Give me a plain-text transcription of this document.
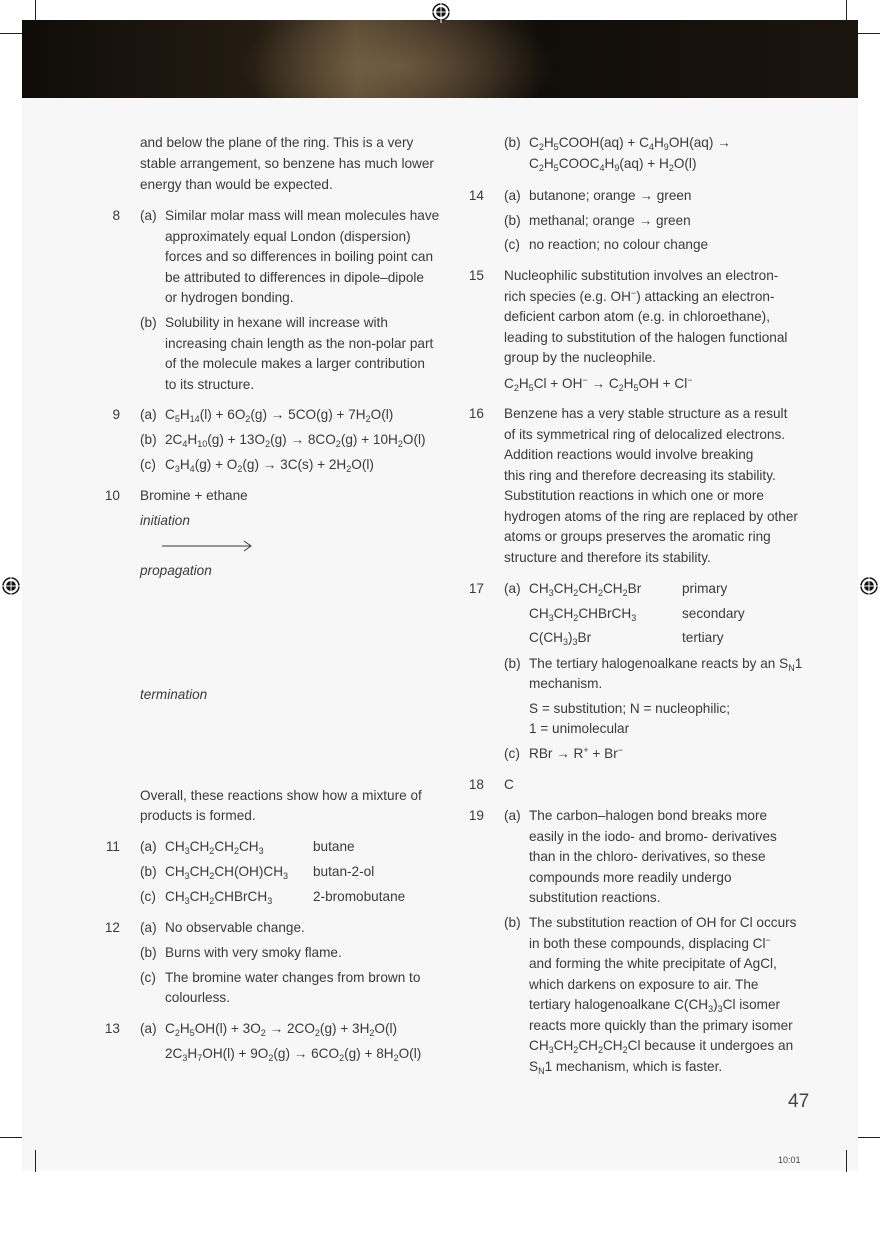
and below the plane of the ring. This is a very
stable arrangement, so benzene has much lower
energy than would be expected.
8 (a) Similar molar mass will mean molecules have
approximately equal London (dispersion)
forces and so differences in boiling point can
be attributed to differences in dipole–dipole
or hydrogen bonding.
(b) Solubility in hexane will increase with
increasing chain length as the non-polar part
of the molecule makes a larger contribution
to its structure.
9 (a) $C_5H_{14}(l) + 6O_2(g) \to 5CO(g) + 7H_2O(l)$
(b) $2C_4H_{10}(g) + 13O_2(g) \to 8CO_2(g) + 10H_2O(l)$
(c) $C_3H_4(g) + O_2(g) \to 3C(s) + 2H_2O(l)$
10 Bromine + ethane
initiation
propagation
termination
Overall, these reactions show how a mixture of
products is formed.
11 (a) $CH_3CH_2CH_2CH_3$	butane
(b) $CH_3CH_2CH(OH)CH_3$ butan-2-ol
(c) $CH_3CH_2CHBrCH_3$	2-bromobutane
12 (a) No observable change.
(b) Burns with very smoky flame.
(c) The bromine water changes from brown to
colourless.
13 (a) $C_2H_5OH(l) + 3O_2 \to 2CO_2(g) + 3H_2O(l)$
$2C_3H_7OH(l) + 9O_2(g) \to 6CO_2(g) + 8H_2O(l)$
(b) $C_2H_5COOH(aq) + C_4H_9OH(aq)$ →
$C_2H_5COOC_4H_9(aq) + H_2O(l)$
14 (a) butanone; orange → green
(b) methanal; orange → green
(c) no reaction; no colour change
15 Nucleophilic substitution involves an electron-
rich species (e.g. OH−) attacking an electron-
deficient carbon atom (e.g. in chloroethane),
leading to substitution of the halogen functional
group by the nucleophile.
$C_2H_5Cl + OH^- \to C_2H_5OH + Cl^-$
16 Benzene has a very stable structure as a result
of its symmetrical ring of delocalized electrons.
Addition reactions would involve breaking
this ring and therefore decreasing its stability.
Substitution reactions in which one or more
hydrogen atoms of the ring are replaced by other
atoms or groups preserves the aromatic ring
structure and therefore its stability.
17 (a) $CH_3CH_2CH_2CH_2Br$	primary
$CH_3CH_2CHBrCH_3$	secondary
$C(CH_3)_3Br$	tertiary
(b) The tertiary halogenoalkane reacts by an $S_N1$
mechanism.
S = substitution; N = nucleophilic;
1 = unimolecular
(c) RBr → R+ + Br−
18 C
19 (a) The carbon–halogen bond breaks more
easily in the iodo- and bromo- derivatives
than in the chloro- derivatives, so these
compounds more readily undergo
substitution reactions.
(b) The substitution reaction of OH for Cl occurs
in both these compounds, displacing Cl−
and forming the white precipitate of AgCl,
which darkens on exposure to air. The
tertiary halogenoalkane $C(CH_3)_3Cl$ isomer
reacts more quickly than the primary isomer
$CH_3CH_2CH_2CH_2Cl$ because it undergoes an
$S_N1$ mechanism, which is faster.
47
10:01
